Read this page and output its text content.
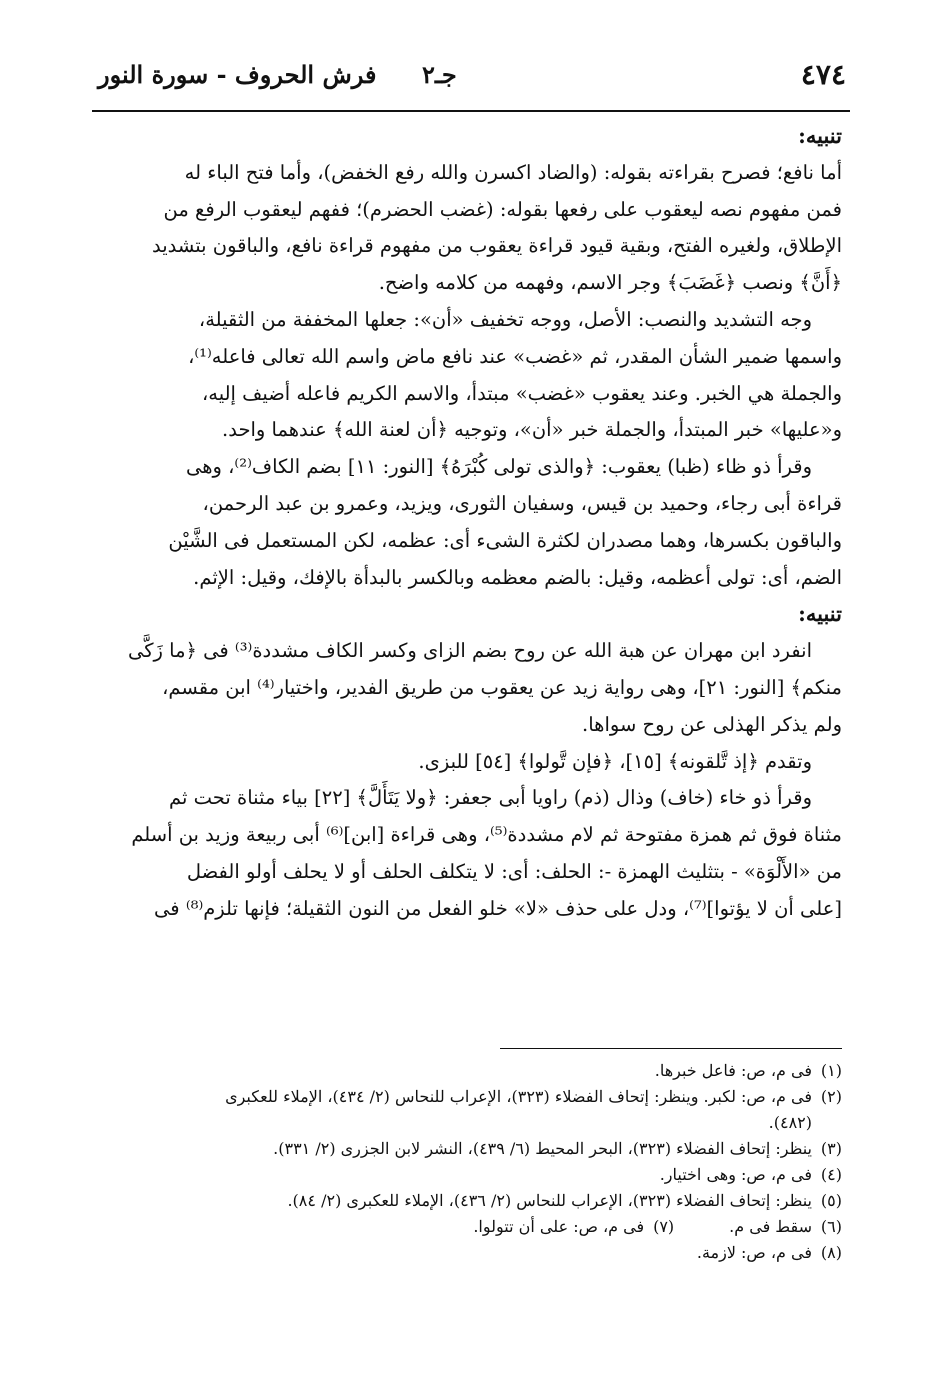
٤٧٤
جـ٢
فرش الحروف - سورة النور

تنبيه:

أما نافع؛ فصرح بقراءته بقوله: (والضاد اكسرن والله رفع الخفض)، وأما فتح الباء له

فمن مفهوم نصه ليعقوب على رفعها بقوله: (غضب الحضرم)؛ ففهم ليعقوب الرفع من

الإطلاق، ولغيره الفتح، وبقية قيود قراءة يعقوب من مفهوم قراءة نافع، والباقون بتشديد

﴿أَنَّ﴾ ونصب ﴿غَضَبَ﴾ وجر الاسم، وفهمه من كلامه واضح.

وجه التشديد والنصب: الأصل، ووجه تخفيف «أن»: جعلها المخففة من الثقيلة،

واسمها ضمير الشأن المقدر، ثم «غضب» عند نافع ماض واسم الله تعالى فاعله⁽¹⁾،

والجملة هي الخبر. وعند يعقوب «غضب» مبتدأ، والاسم الكريم فاعله أضيف إليه،

و«عليها» خبر المبتدأ، والجملة خبر «أن»، وتوجيه ﴿أن لعنة الله﴾ عندهما واحد.

وقرأ ذو ظاء (ظبا) يعقوب: ﴿والذى تولى كُبْرَهُ﴾ [النور: ١١] بضم الكاف⁽²⁾، وهى

قراءة أبى رجاء، وحميد بن قيس، وسفيان الثورى، ويزيد، وعمرو بن عبد الرحمن،

والباقون بكسرها، وهما مصدران لكثرة الشىء أى: عظمه، لكن المستعمل فى الشَّيْن

الضم، أى: تولى أعظمه، وقيل: بالضم معظمه وبالكسر بالبدأة بالإفك، وقيل: الإثم.

تنبيه:

انفرد ابن مهران عن هبة الله عن روح بضم الزاى وكسر الكاف مشددة⁽³⁾ فى ﴿ما زَكَّى

منكم﴾ [النور: ٢١]، وهى رواية زيد عن يعقوب من طريق الفدير، واختيار⁽⁴⁾ ابن مقسم،

ولم يذكر الهذلى عن روح سواها.

وتقدم ﴿إذ تَّلقونه﴾ [١٥]، ﴿فإن تَّولوا﴾ [٥٤] للبزى.

وقرأ ذو خاء (خاف) وذال (ذم) راويا أبى جعفر: ﴿ولا يَتَأَلَّ﴾ [٢٢] بياء مثناة تحت ثم

مثناة فوق ثم همزة مفتوحة ثم لام مشددة⁽⁵⁾، وهى قراءة [ابن]⁽⁶⁾ أبى ربيعة وزيد بن أسلم

من «الأَلْوَة» - بتثليث الهمزة -: الحلف: أى: لا يتكلف الحلف أو لا يحلف أولو الفضل

[على أن لا يؤتوا]⁽⁷⁾، ودل على حذف «لا» خلو الفعل من النون الثقيلة؛ فإنها تلزم⁽⁸⁾ فى

(١)فى م، ص: فاعل خبرها.

(٢)فى م، ص: لكبر. وينظر: إتحاف الفضلاء (٣٢٣)، الإعراب للنحاس (٢/ ٤٣٤)، الإملاء للعكبرى

(٤٨٢).

(٣)ينظر: إتحاف الفضلاء (٣٢٣)، البحر المحيط (٦/ ٤٣٩)، النشر لابن الجزرى (٢/ ٣٣١).

(٤)فى م، ص: وهى اختيار.

(٥)ينظر: إتحاف الفضلاء (٣٢٣)، الإعراب للنحاس (٢/ ٤٣٦)، الإملاء للعكبرى (٢/ ٨٤).

(٦)سقط فى م.
(٧)فى م، ص: على أن تتولوا.

(٨)فى م، ص: لازمة.
